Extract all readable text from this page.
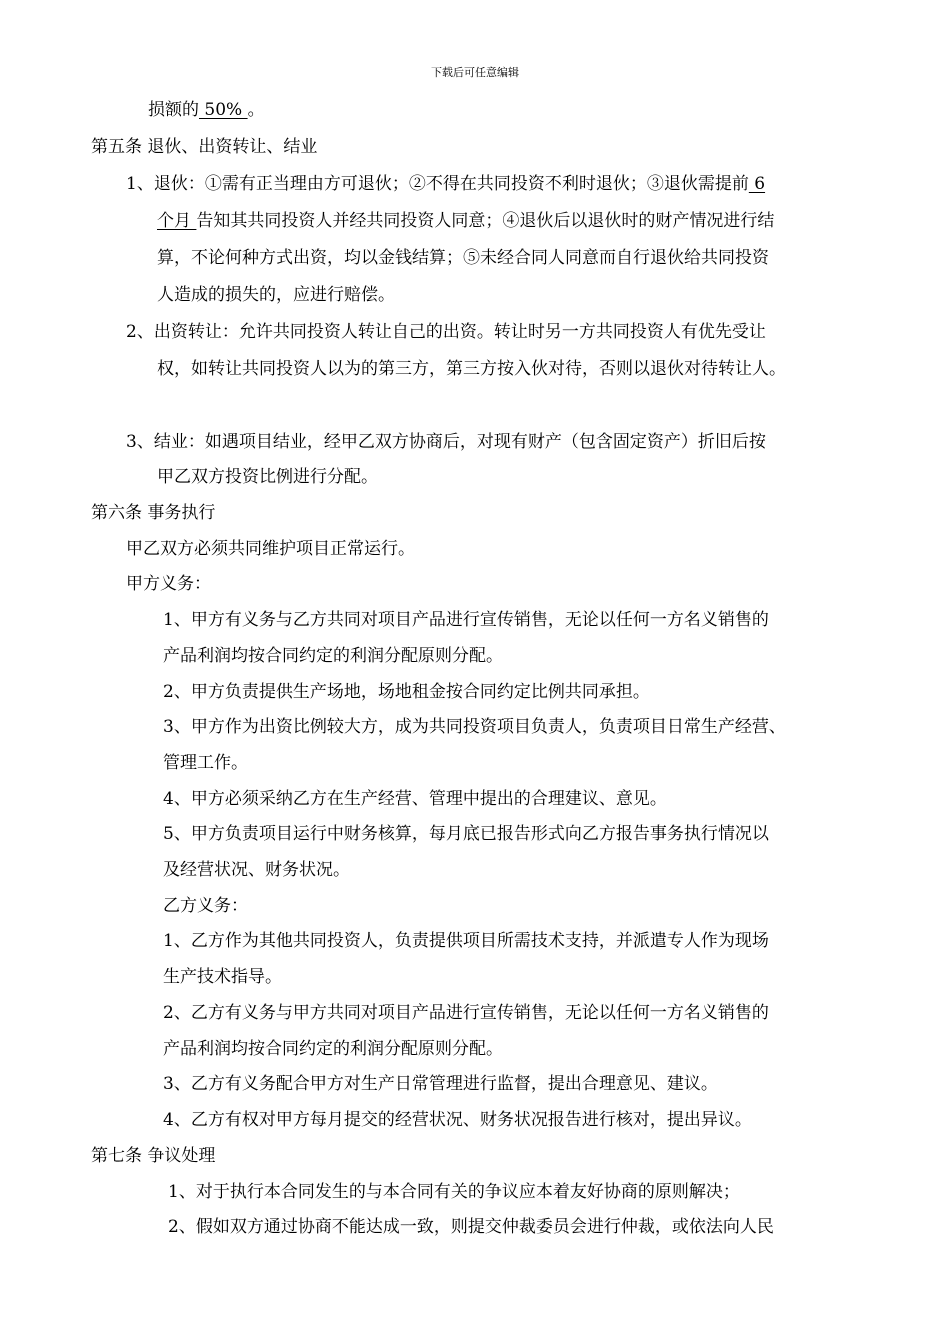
下载后可任意编辑
损额的 50% 。
第五条 退伙、出资转让、结业
1、退伙：①需有正当理由方可退伙；②不得在共同投资不利时退伙；③退伙需提前 6
个月 告知其共同投资人并经共同投资人同意；④退伙后以退伙时的财产情况进行结
算，不论何种方式出资，均以金钱结算；⑤未经合同人同意而自行退伙给共同投资
人造成的损失的，应进行赔偿。
2、出资转让：允许共同投资人转让自己的出资。转让时另一方共同投资人有优先受让
权，如转让共同投资人以为的第三方，第三方按入伙对待，否则以退伙对待转让人。
3、结业：如遇项目结业，经甲乙双方协商后，对现有财产（包含固定资产）折旧后按
甲乙双方投资比例进行分配。
第六条 事务执行
甲乙双方必须共同维护项目正常运行。
甲方义务：
1、甲方有义务与乙方共同对项目产品进行宣传销售，无论以任何一方名义销售的
产品利润均按合同约定的利润分配原则分配。
2、甲方负责提供生产场地，场地租金按合同约定比例共同承担。
3、甲方作为出资比例较大方，成为共同投资项目负责人，负责项目日常生产经营、
管理工作。
4、甲方必须采纳乙方在生产经营、管理中提出的合理建议、意见。
5、甲方负责项目运行中财务核算，每月底已报告形式向乙方报告事务执行情况以
及经营状况、财务状况。
乙方义务：
1、乙方作为其他共同投资人，负责提供项目所需技术支持，并派遣专人作为现场
生产技术指导。
2、乙方有义务与甲方共同对项目产品进行宣传销售，无论以任何一方名义销售的
产品利润均按合同约定的利润分配原则分配。
3、乙方有义务配合甲方对生产日常管理进行监督，提出合理意见、建议。
4、乙方有权对甲方每月提交的经营状况、财务状况报告进行核对，提出异议。
第七条 争议处理
1、对于执行本合同发生的与本合同有关的争议应本着友好协商的原则解决；
2、假如双方通过协商不能达成一致，则提交仲裁委员会进行仲裁，或依法向人民
